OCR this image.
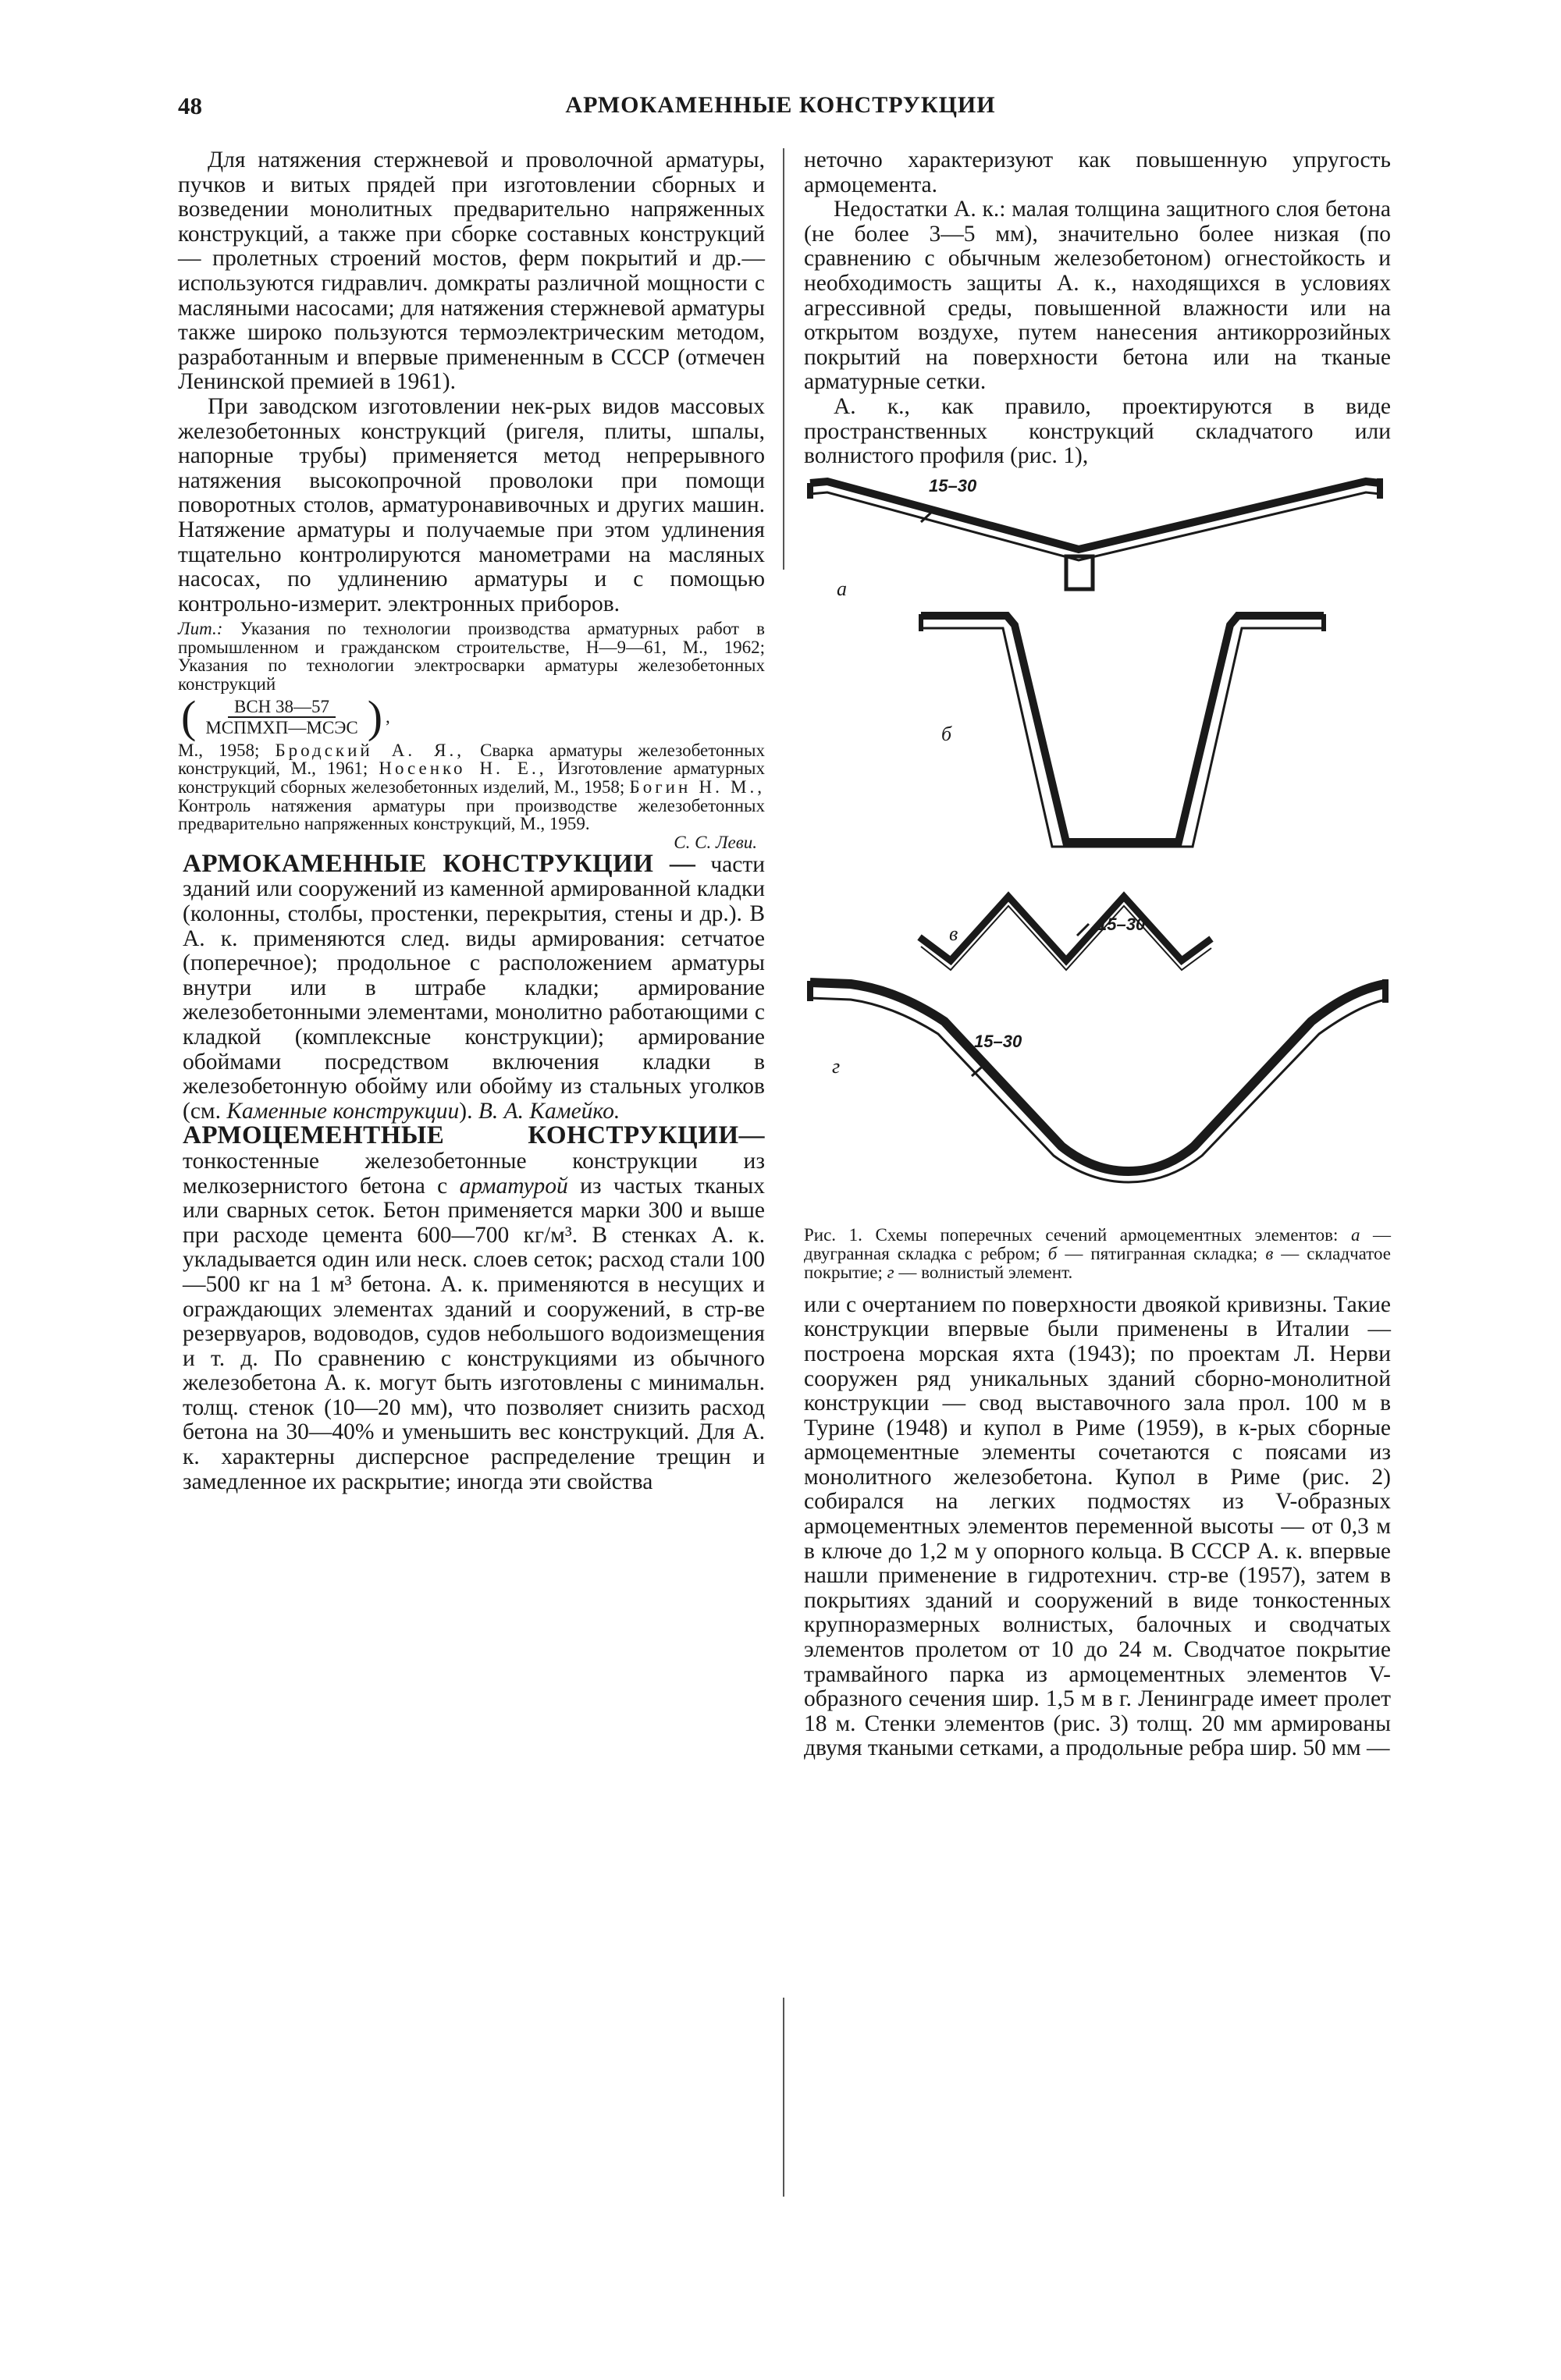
АРМОКАМЕННЫЕ КОНСТРУКЦИИ
48

Для натяжения стержневой и проволочной арматуры, пучков и витых прядей при изготовлении сборных и возведении монолитных предварительно напряженных конструкций, а также при сборке составных конструкций — пролетных строений мостов, ферм покрытий и др.— используются гидравлич. домкраты различной мощности с масляными насосами; для натяжения стержневой арматуры также широко пользуются термоэлектрическим методом, разработанным и впервые примененным в СССР (отмечен Ленинской премией в 1961).

При заводском изготовлении нек-рых видов массовых железобетонных конструкций (ригеля, плиты, шпалы, напорные трубы) применяется метод непрерывного натяжения высокопрочной проволоки при помощи поворотных столов, арматуронавивочных и других машин. Натяжение арматуры и получаемые при этом удлинения тщательно контролируются манометрами на масляных насосах, по удлинению арматуры и с помощью контрольно-измерит. электронных приборов.

Лит.: Указания по технологии производства арматурных работ в промышленном и гражданском строительстве, Н—9—61, М., 1962; Указания по технологии электросварки арматуры железобетонных конструкций
( $\frac{\text{ВСН 38—57}}{\text{МСПМХП—МСЭС}}$ ) ,
М., 1958; Бродский А. Я., Сварка арматуры железобетонных конструкций, М., 1961; Носенко Н. Е., Изготовление арматурных конструкций сборных железобетонных изделий, М., 1958; Богин Н. М., Контроль натяжения арматуры при производстве железобетонных предварительно напряженных конструкций, М., 1959.
С. С. Леви.

АРМОКАМЕННЫЕ КОНСТРУКЦИИ — части зданий или сооружений из каменной армированной кладки (колонны, столбы, простенки, перекрытия, стены и др.). В А. к. применяются след. виды армирования: сетчатое (поперечное); продольное с расположением арматуры внутри или в штрабе кладки; армирование железобетонными элементами, монолитно работающими с кладкой (комплексные конструкции); армирование обоймами посредством включения кладки в железобетонную обойму или обойму из стальных уголков (см. Каменные конструкции). В. А. Камейко.

АРМОЦЕМЕНТНЫЕ КОНСТРУКЦИИ— тонкостенные железобетонные конструкции из мелкозернистого бетона с арматурой из частых тканых или сварных сеток. Бетон применяется марки 300 и выше при расходе цемента 600—700 кг/м³. В стенках А. к. укладывается один или неск. слоев сеток; расход стали 100—500 кг на 1 м³ бетона. А. к. применяются в несущих и ограждающих элементах зданий и сооружений, в стр-ве резервуаров, водоводов, судов небольшого водоизмещения и т. д. По сравнению с конструкциями из обычного железобетона А. к. могут быть изготовлены с минимальн. толщ. стенок (10—20 мм), что позволяет снизить расход бетона на 30—40% и уменьшить вес конструкций. Для А. к. характерны дисперсное распределение трещин и замедленное их раскрытие; иногда эти свойства

неточно характеризуют как повышенную упругость армоцемента.

Недостатки А. к.: малая толщина защитного слоя бетона (не более 3—5 мм), значительно более низкая (по сравнению с обычным железобетоном) огнестойкость и необходимость защиты А. к., находящихся в условиях агрессивной среды, повышенной влажности или на открытом воздухе, путем нанесения антикоррозийных покрытий на поверхности бетона или на тканые арматурные сетки.

А. к., как правило, проектируются в виде пространственных конструкций складчатого или волнистого профиля (рис. 1),

а
15–30
б
в	15–30
г
15–30
Рис. 1. Схемы поперечных сечений армоцементных элементов: а — двугранная складка с ребром; б — пятигранная складка; в — складчатое покрытие; г — волнистый элемент.

или с очертанием по поверхности двоякой кривизны. Такие конструкции впервые были применены в Италии — построена морская яхта (1943); по проектам Л. Нерви сооружен ряд уникальных зданий сборно-монолитной конструкции — свод выставочного зала прол. 100 м в Турине (1948) и купол в Риме (1959), в к-рых сборные армоцементные элементы сочетаются с поясами из монолитного железобетона. Купол в Риме (рис. 2) собирался на легких подмостях из V-образных армоцементных элементов переменной высоты — от 0,3 м в ключе до 1,2 м у опорного кольца. В СССР А. к. впервые нашли применение в гидротехнич. стр-ве (1957), затем в покрытиях зданий и сооружений в виде тонкостенных крупноразмерных волнистых, балочных и сводчатых элементов пролетом от 10 до 24 м. Сводчатое покрытие трамвайного парка из армоцементных элементов V-образного сечения шир. 1,5 м в г. Ленинграде имеет пролет 18 м. Стенки элементов (рис. 3) толщ. 20 мм армированы двумя ткаными сетками, а продольные ребра шир. 50 мм —
